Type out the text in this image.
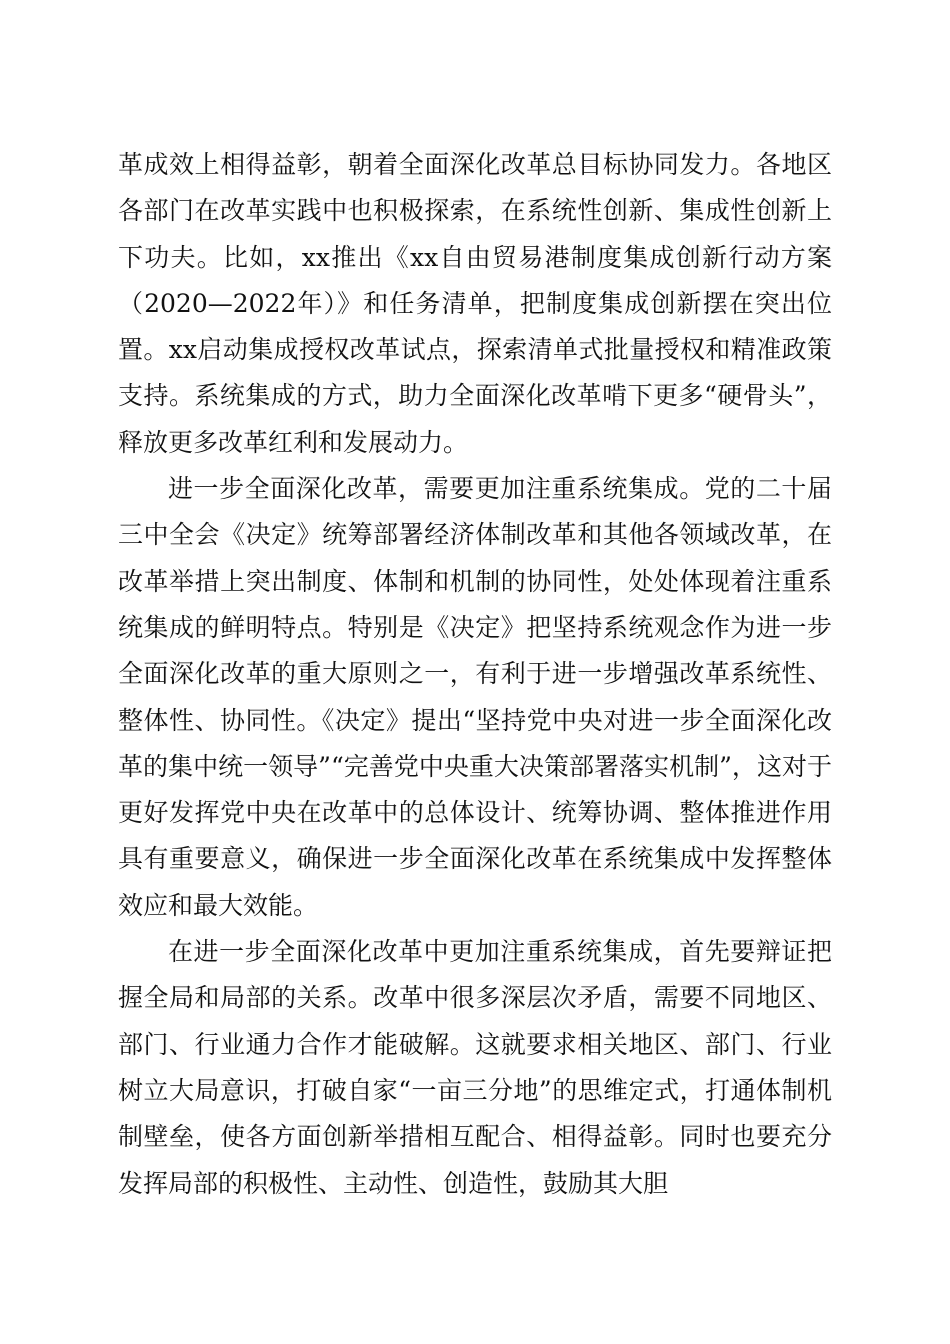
革成效上相得益彰，朝着全面深化改革总目标协同发力。各地区各部门在改革实践中也积极探索，在系统性创新、集成性创新上下功夫。比如，xx推出《xx自由贸易港制度集成创新行动方案（2020—2022年）》和任务清单，把制度集成创新摆在突出位置。xx启动集成授权改革试点，探索清单式批量授权和精准政策支持。系统集成的方式，助力全面深化改革啃下更多“硬骨头”，释放更多改革红利和发展动力。

进一步全面深化改革，需要更加注重系统集成。党的二十届三中全会《决定》统筹部署经济体制改革和其他各领域改革，在改革举措上突出制度、体制和机制的协同性，处处体现着注重系统集成的鲜明特点。特别是《决定》把坚持系统观念作为进一步全面深化改革的重大原则之一，有利于进一步增强改革系统性、整体性、协同性。《决定》提出“坚持党中央对进一步全面深化改革的集中统一领导”“完善党中央重大决策部署落实机制”，这对于更好发挥党中央在改革中的总体设计、统筹协调、整体推进作用具有重要意义，确保进一步全面深化改革在系统集成中发挥整体效应和最大效能。

在进一步全面深化改革中更加注重系统集成，首先要辩证把握全局和局部的关系。改革中很多深层次矛盾，需要不同地区、部门、行业通力合作才能破解。这就要求相关地区、部门、行业树立大局意识，打破自家“一亩三分地”的思维定式，打通体制机制壁垒，使各方面创新举措相互配合、相得益彰。同时也要充分发挥局部的积极性、主动性、创造性，鼓励其大胆
